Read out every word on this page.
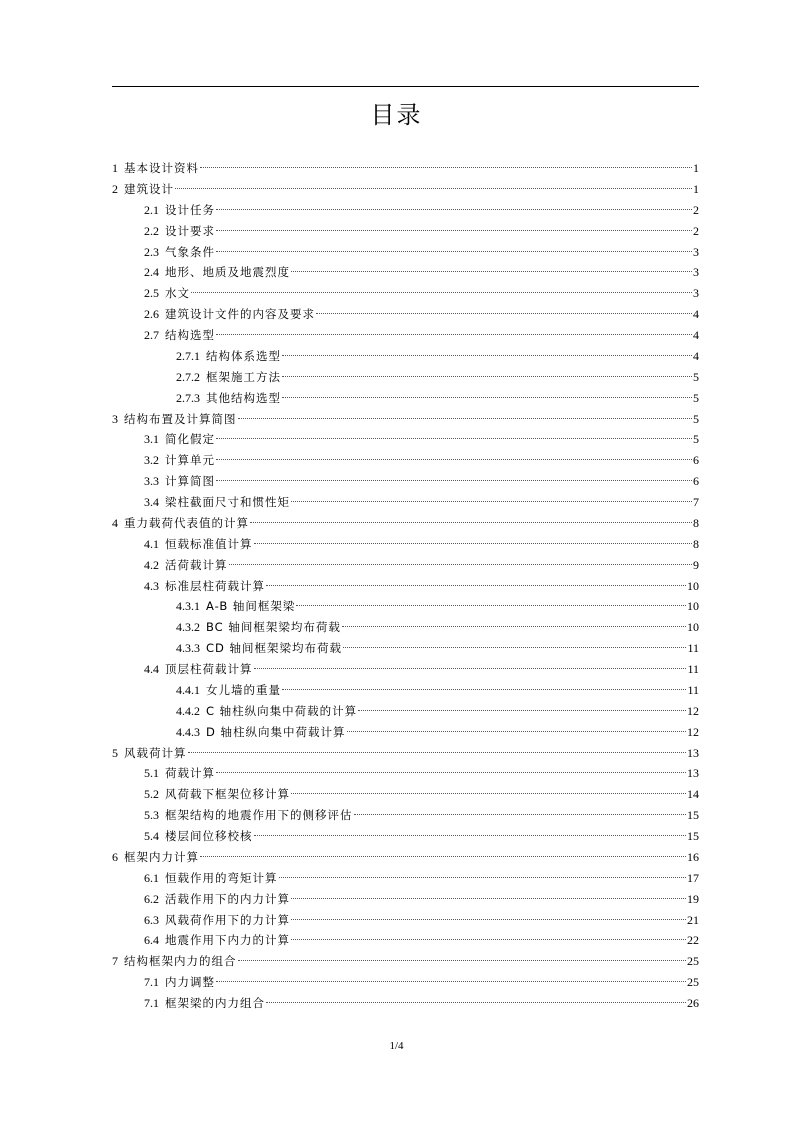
目录
1 基本设计资料	1
2 建筑设计	1
2.1 设计任务	2
2.2 设计要求	2
2.3 气象条件	3
2.4 地形、地质及地震烈度	3
2.5 水文	3
2.6 建筑设计文件的内容及要求	4
2.7 结构选型	4
2.7.1 结构体系选型	4
2.7.2 框架施工方法	5
2.7.3 其他结构选型	5
3 结构布置及计算简图	5
3.1 简化假定	5
3.2 计算单元	6
3.3 计算简图	6
3.4 梁柱截面尺寸和惯性矩	7
4 重力载荷代表值的计算	8
4.1 恒载标准值计算	8
4.2 活荷载计算	9
4.3 标准层柱荷载计算	10
4.3.1 A-B 轴间框架梁	10
4.3.2 BC 轴间框架梁均布荷载	10
4.3.3 CD 轴间框架梁均布荷载	11
4.4 顶层柱荷载计算	11
4.4.1 女儿墙的重量	11
4.4.2 C 轴柱纵向集中荷载的计算	12
4.4.3 D 轴柱纵向集中荷载计算	12
5 风载荷计算	13
5.1 荷载计算	13
5.2 风荷载下框架位移计算	14
5.3 框架结构的地震作用下的侧移评估	15
5.4 楼层间位移校核	15
6 框架内力计算	16
6.1 恒载作用的弯矩计算	17
6.2 活载作用下的内力计算	19
6.3 风载荷作用下的力计算	21
6.4 地震作用下内力的计算	22
7 结构框架内力的组合	25
7.1 内力调整	25
7.1 框架梁的内力组合	26
1/4
